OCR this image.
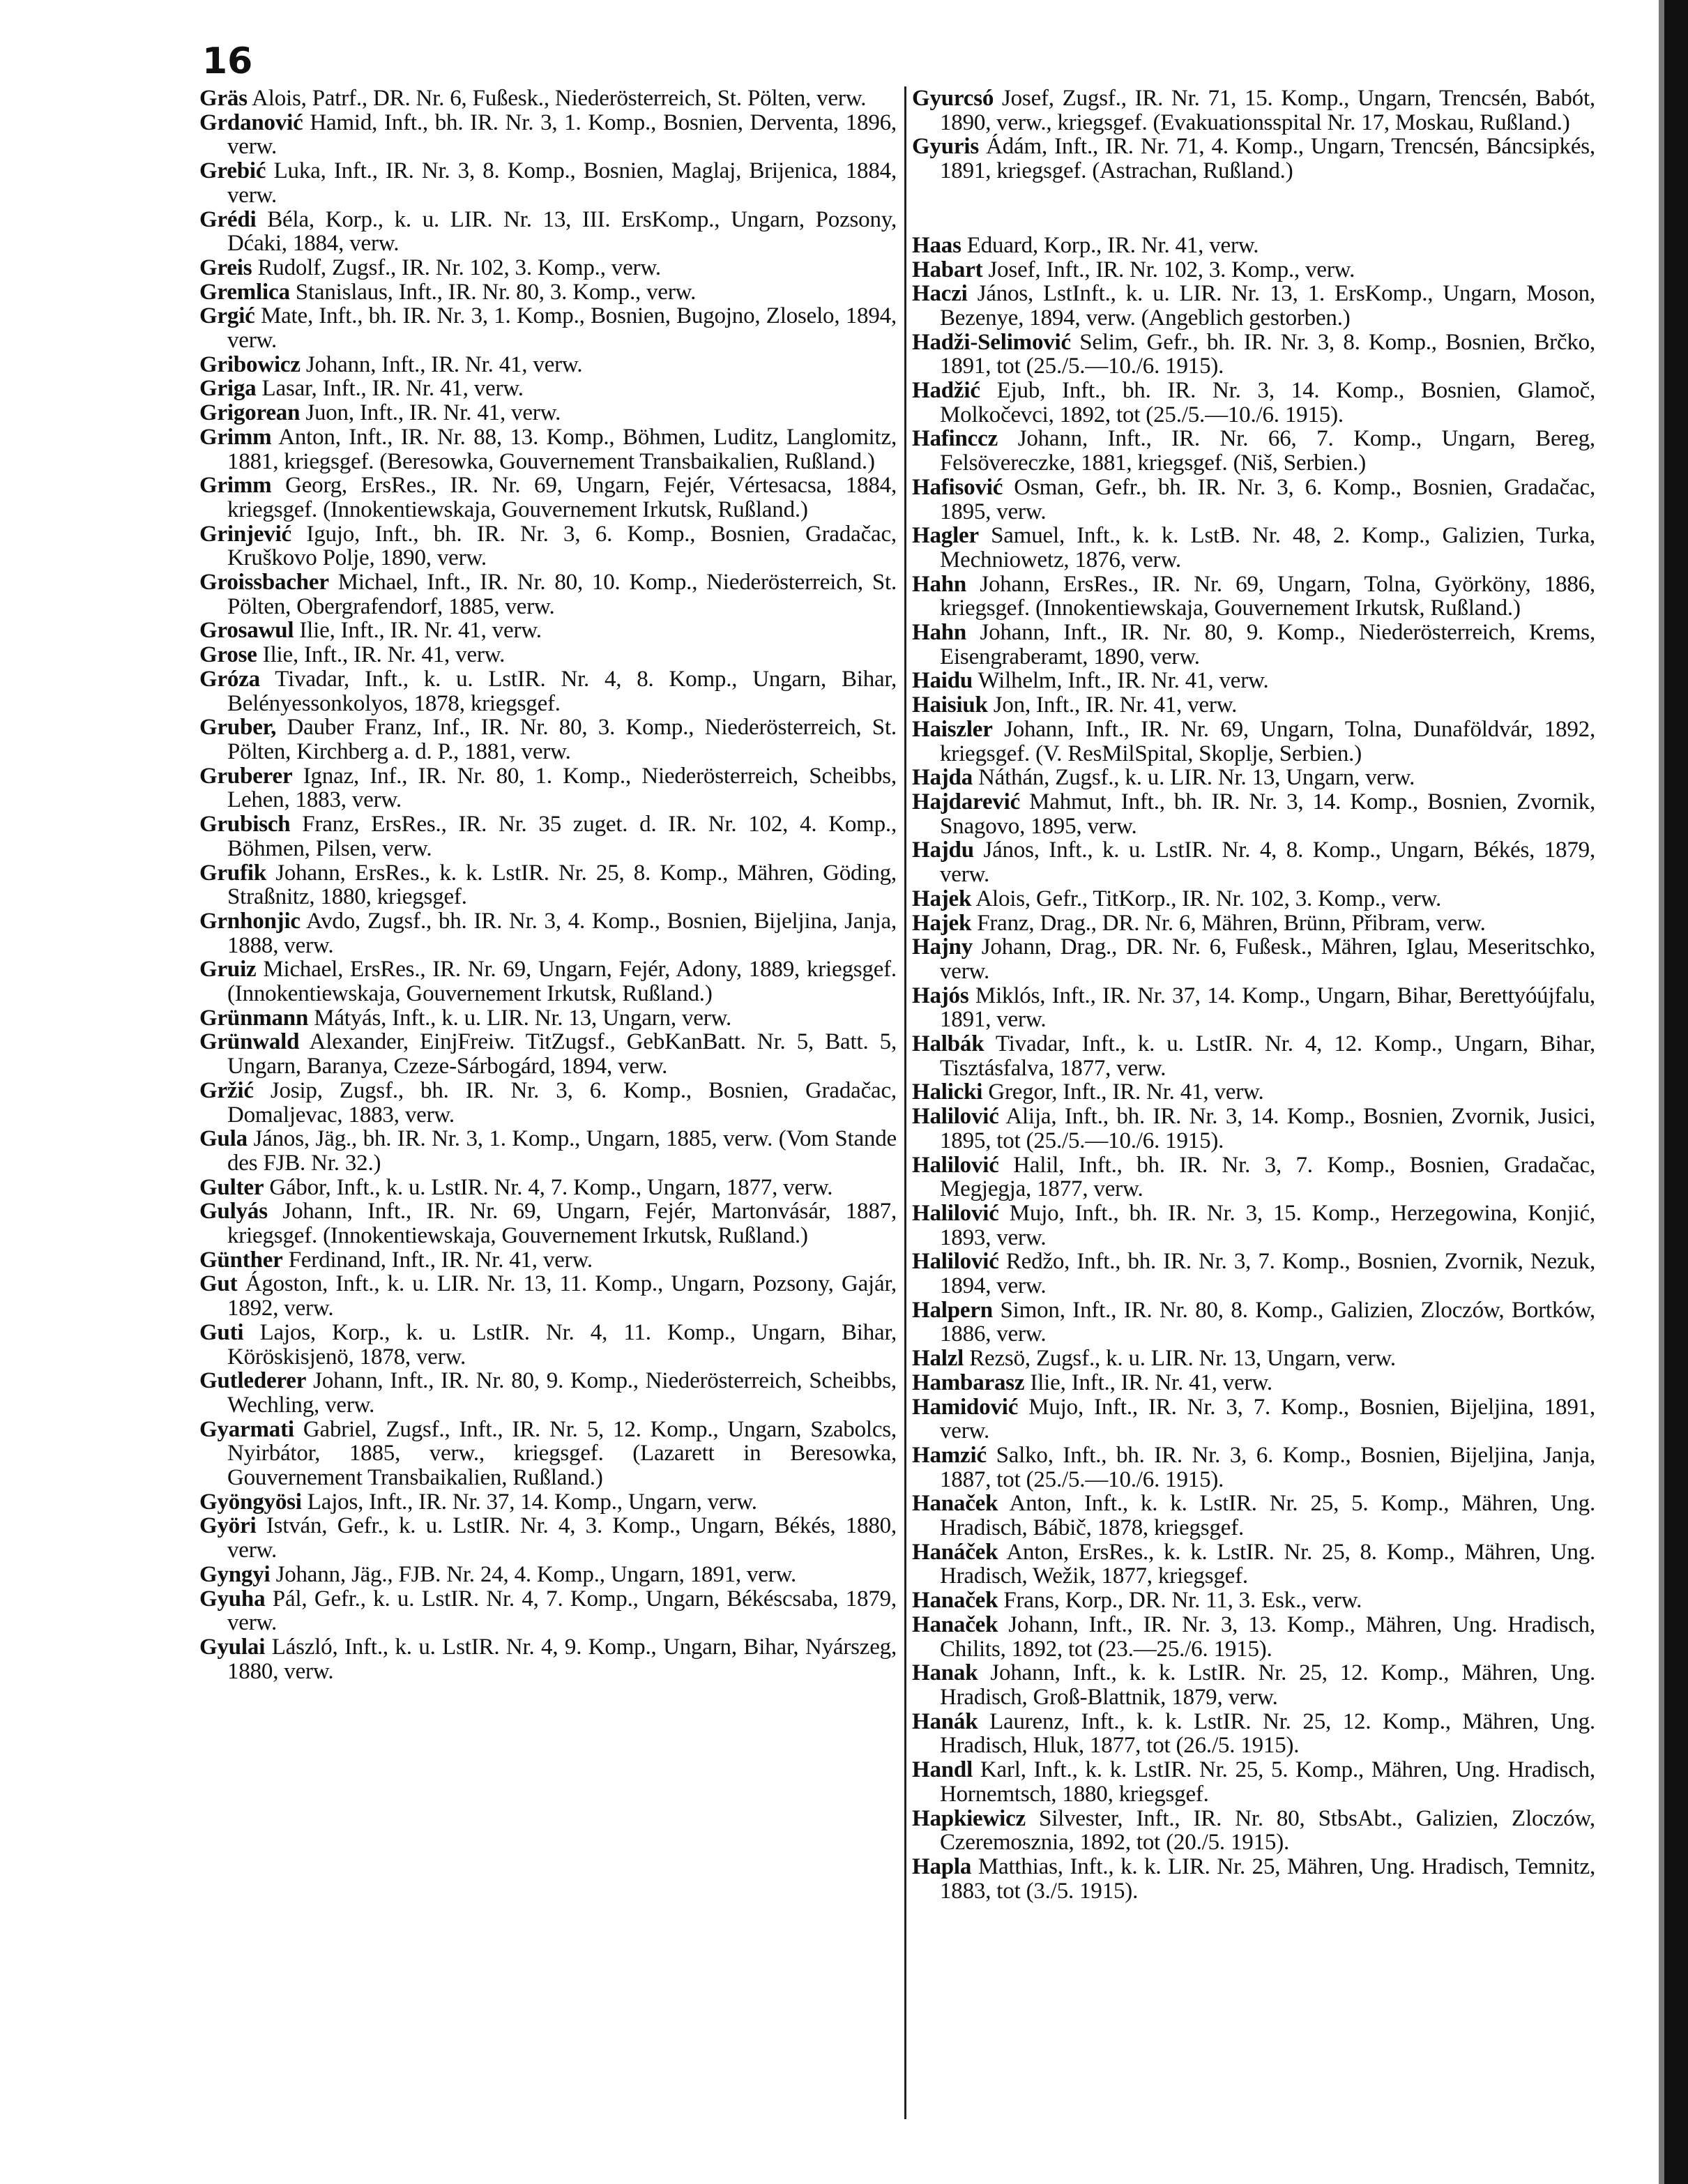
16

Gräs Alois, Patrf., DR. Nr. 6, Fußesk., Niederösterreich, St. Pölten, verw.

Grdanović Hamid, Inft., bh. IR. Nr. 3, 1. Komp., Bosnien, Derventa, 1896, verw.

Grebić Luka, Inft., IR. Nr. 3, 8. Komp., Bosnien, Maglaj, Brijenica, 1884, verw.

Grédi Béla, Korp., k. u. LIR. Nr. 13, III. ErsKomp., Ungarn, Pozsony, Dćaki, 1884, verw.

Greis Rudolf, Zugsf., IR. Nr. 102, 3. Komp., verw.

Gremlica Stanislaus, Inft., IR. Nr. 80, 3. Komp., verw.

Grgić Mate, Inft., bh. IR. Nr. 3, 1. Komp., Bosnien, Bugojno, Zloselo, 1894, verw.

Gribowicz Johann, Inft., IR. Nr. 41, verw.

Griga Lasar, Inft., IR. Nr. 41, verw.

Grigorean Juon, Inft., IR. Nr. 41, verw.

Grimm Anton, Inft., IR. Nr. 88, 13. Komp., Böhmen, Luditz, Langlomitz, 1881, kriegsgef. (Beresowka, Gouvernement Transbaikalien, Rußland.)

Grimm Georg, ErsRes., IR. Nr. 69, Ungarn, Fejér, Vértesacsa, 1884, kriegsgef. (Innokentiewskaja, Gouvernement Irkutsk, Rußland.)

Grinjević Igujo, Inft., bh. IR. Nr. 3, 6. Komp., Bosnien, Gradačac, Kruškovo Polje, 1890, verw.

Groissbacher Michael, Inft., IR. Nr. 80, 10. Komp., Niederösterreich, St. Pölten, Obergrafendorf, 1885, verw.

Grosawul Ilie, Inft., IR. Nr. 41, verw.

Grose Ilie, Inft., IR. Nr. 41, verw.

Gróza Tivadar, Inft., k. u. LstIR. Nr. 4, 8. Komp., Ungarn, Bihar, Belényessonkolyos, 1878, kriegsgef.

Gruber, Dauber Franz, Inf., IR. Nr. 80, 3. Komp., Niederösterreich, St. Pölten, Kirchberg a. d. P., 1881, verw.

Gruberer Ignaz, Inf., IR. Nr. 80, 1. Komp., Niederösterreich, Scheibbs, Lehen, 1883, verw.

Grubisch Franz, ErsRes., IR. Nr. 35 zuget. d. IR. Nr. 102, 4. Komp., Böhmen, Pilsen, verw.

Grufik Johann, ErsRes., k. k. LstIR. Nr. 25, 8. Komp., Mähren, Göding, Straßnitz, 1880, kriegsgef.

Grnhonjic Avdo, Zugsf., bh. IR. Nr. 3, 4. Komp., Bosnien, Bijeljina, Janja, 1888, verw.

Gruiz Michael, ErsRes., IR. Nr. 69, Ungarn, Fejér, Adony, 1889, kriegsgef. (Innokentiewskaja, Gouvernement Irkutsk, Rußland.)

Grünmann Mátyás, Inft., k. u. LIR. Nr. 13, Ungarn, verw.

Grünwald Alexander, EinjFreiw. TitZugsf., GebKanBatt. Nr. 5, Batt. 5, Ungarn, Baranya, Czeze-Sárbogárd, 1894, verw.

Gržić Josip, Zugsf., bh. IR. Nr. 3, 6. Komp., Bosnien, Gradačac, Domaljevac, 1883, verw.

Gula János, Jäg., bh. IR. Nr. 3, 1. Komp., Ungarn, 1885, verw. (Vom Stande des FJB. Nr. 32.)

Gulter Gábor, Inft., k. u. LstIR. Nr. 4, 7. Komp., Ungarn, 1877, verw.

Gulyás Johann, Inft., IR. Nr. 69, Ungarn, Fejér, Martonvásár, 1887, kriegsgef. (Innokentiewskaja, Gouvernement Irkutsk, Rußland.)

Günther Ferdinand, Inft., IR. Nr. 41, verw.

Gut Ágoston, Inft., k. u. LIR. Nr. 13, 11. Komp., Ungarn, Pozsony, Gajár, 1892, verw.

Guti Lajos, Korp., k. u. LstIR. Nr. 4, 11. Komp., Ungarn, Bihar, Köröskisjenö, 1878, verw.

Gutlederer Johann, Inft., IR. Nr. 80, 9. Komp., Niederösterreich, Scheibbs, Wechling, verw.

Gyarmati Gabriel, Zugsf., Inft., IR. Nr. 5, 12. Komp., Ungarn, Szabolcs, Nyirbátor, 1885, verw., kriegsgef. (Lazarett in Beresowka, Gouvernement Transbaikalien, Rußland.)

Gyöngyösi Lajos, Inft., IR. Nr. 37, 14. Komp., Ungarn, verw.

Györi István, Gefr., k. u. LstIR. Nr. 4, 3. Komp., Ungarn, Békés, 1880, verw.

Gyngyi Johann, Jäg., FJB. Nr. 24, 4. Komp., Ungarn, 1891, verw.

Gyuha Pál, Gefr., k. u. LstIR. Nr. 4, 7. Komp., Ungarn, Békéscsaba, 1879, verw.

Gyulai László, Inft., k. u. LstIR. Nr. 4, 9. Komp., Ungarn, Bihar, Nyárszeg, 1880, verw.

Gyurcsó Josef, Zugsf., IR. Nr. 71, 15. Komp., Ungarn, Trencsén, Babót, 1890, verw., kriegsgef. (Evakuationsspital Nr. 17, Moskau, Rußland.)

Gyuris Ádám, Inft., IR. Nr. 71, 4. Komp., Ungarn, Trencsén, Báncsipkés, 1891, kriegsgef. (Astrachan, Rußland.)

Haas Eduard, Korp., IR. Nr. 41, verw.

Habart Josef, Inft., IR. Nr. 102, 3. Komp., verw.

Haczi János, LstInft., k. u. LIR. Nr. 13, 1. ErsKomp., Ungarn, Moson, Bezenye, 1894, verw. (Angeblich gestorben.)

Hadži-Selimović Selim, Gefr., bh. IR. Nr. 3, 8. Komp., Bosnien, Brčko, 1891, tot (25./5.—10./6. 1915).

Hadžić Ejub, Inft., bh. IR. Nr. 3, 14. Komp., Bosnien, Glamoč, Molkočevci, 1892, tot (25./5.—10./6. 1915).

Hafinccz Johann, Inft., IR. Nr. 66, 7. Komp., Ungarn, Bereg, Felsövereczke, 1881, kriegsgef. (Niš, Serbien.)

Hafisović Osman, Gefr., bh. IR. Nr. 3, 6. Komp., Bosnien, Gradačac, 1895, verw.

Hagler Samuel, Inft., k. k. LstB. Nr. 48, 2. Komp., Galizien, Turka, Mechniowetz, 1876, verw.

Hahn Johann, ErsRes., IR. Nr. 69, Ungarn, Tolna, Györköny, 1886, kriegsgef. (Innokentiewskaja, Gouvernement Irkutsk, Rußland.)

Hahn Johann, Inft., IR. Nr. 80, 9. Komp., Niederösterreich, Krems, Eisengraberamt, 1890, verw.

Haidu Wilhelm, Inft., IR. Nr. 41, verw.

Haisiuk Jon, Inft., IR. Nr. 41, verw.

Haiszler Johann, Inft., IR. Nr. 69, Ungarn, Tolna, Dunaföldvár, 1892, kriegsgef. (V. ResMilSpital, Skoplje, Serbien.)

Hajda Náthán, Zugsf., k. u. LIR. Nr. 13, Ungarn, verw.

Hajdarević Mahmut, Inft., bh. IR. Nr. 3, 14. Komp., Bosnien, Zvornik, Snagovo, 1895, verw.

Hajdu János, Inft., k. u. LstIR. Nr. 4, 8. Komp., Ungarn, Békés, 1879, verw.

Hajek Alois, Gefr., TitKorp., IR. Nr. 102, 3. Komp., verw.

Hajek Franz, Drag., DR. Nr. 6, Mähren, Brünn, Přibram, verw.

Hajny Johann, Drag., DR. Nr. 6, Fußesk., Mähren, Iglau, Meseritschko, verw.

Hajós Miklós, Inft., IR. Nr. 37, 14. Komp., Ungarn, Bihar, Berettyóújfalu, 1891, verw.

Halbák Tivadar, Inft., k. u. LstIR. Nr. 4, 12. Komp., Ungarn, Bihar, Tisztásfalva, 1877, verw.

Halicki Gregor, Inft., IR. Nr. 41, verw.

Halilović Alija, Inft., bh. IR. Nr. 3, 14. Komp., Bosnien, Zvornik, Jusici, 1895, tot (25./5.—10./6. 1915).

Halilović Halil, Inft., bh. IR. Nr. 3, 7. Komp., Bosnien, Gradačac, Megjegja, 1877, verw.

Halilović Mujo, Inft., bh. IR. Nr. 3, 15. Komp., Herzegowina, Konjić, 1893, verw.

Halilović Redžo, Inft., bh. IR. Nr. 3, 7. Komp., Bosnien, Zvornik, Nezuk, 1894, verw.

Halpern Simon, Inft., IR. Nr. 80, 8. Komp., Galizien, Zloczów, Bortków, 1886, verw.

Halzl Rezsö, Zugsf., k. u. LIR. Nr. 13, Ungarn, verw.

Hambarasz Ilie, Inft., IR. Nr. 41, verw.

Hamidović Mujo, Inft., IR. Nr. 3, 7. Komp., Bosnien, Bijeljina, 1891, verw.

Hamzić Salko, Inft., bh. IR. Nr. 3, 6. Komp., Bosnien, Bijeljina, Janja, 1887, tot (25./5.—10./6. 1915).

Hanaček Anton, Inft., k. k. LstIR. Nr. 25, 5. Komp., Mähren, Ung. Hradisch, Bábič, 1878, kriegsgef.

Hanáček Anton, ErsRes., k. k. LstIR. Nr. 25, 8. Komp., Mähren, Ung. Hradisch, Wežik, 1877, kriegsgef.

Hanaček Frans, Korp., DR. Nr. 11, 3. Esk., verw.

Hanaček Johann, Inft., IR. Nr. 3, 13. Komp., Mähren, Ung. Hradisch, Chilits, 1892, tot (23.—25./6. 1915).

Hanak Johann, Inft., k. k. LstIR. Nr. 25, 12. Komp., Mähren, Ung. Hradisch, Groß-Blattnik, 1879, verw.

Hanák Laurenz, Inft., k. k. LstIR. Nr. 25, 12. Komp., Mähren, Ung. Hradisch, Hluk, 1877, tot (26./5. 1915).

Handl Karl, Inft., k. k. LstIR. Nr. 25, 5. Komp., Mähren, Ung. Hradisch, Hornemtsch, 1880, kriegsgef.

Hapkiewicz Silvester, Inft., IR. Nr. 80, StbsAbt., Galizien, Zloczów, Czeremosznia, 1892, tot (20./5. 1915).

Hapla Matthias, Inft., k. k. LIR. Nr. 25, Mähren, Ung. Hradisch, Temnitz, 1883, tot (3./5. 1915).
